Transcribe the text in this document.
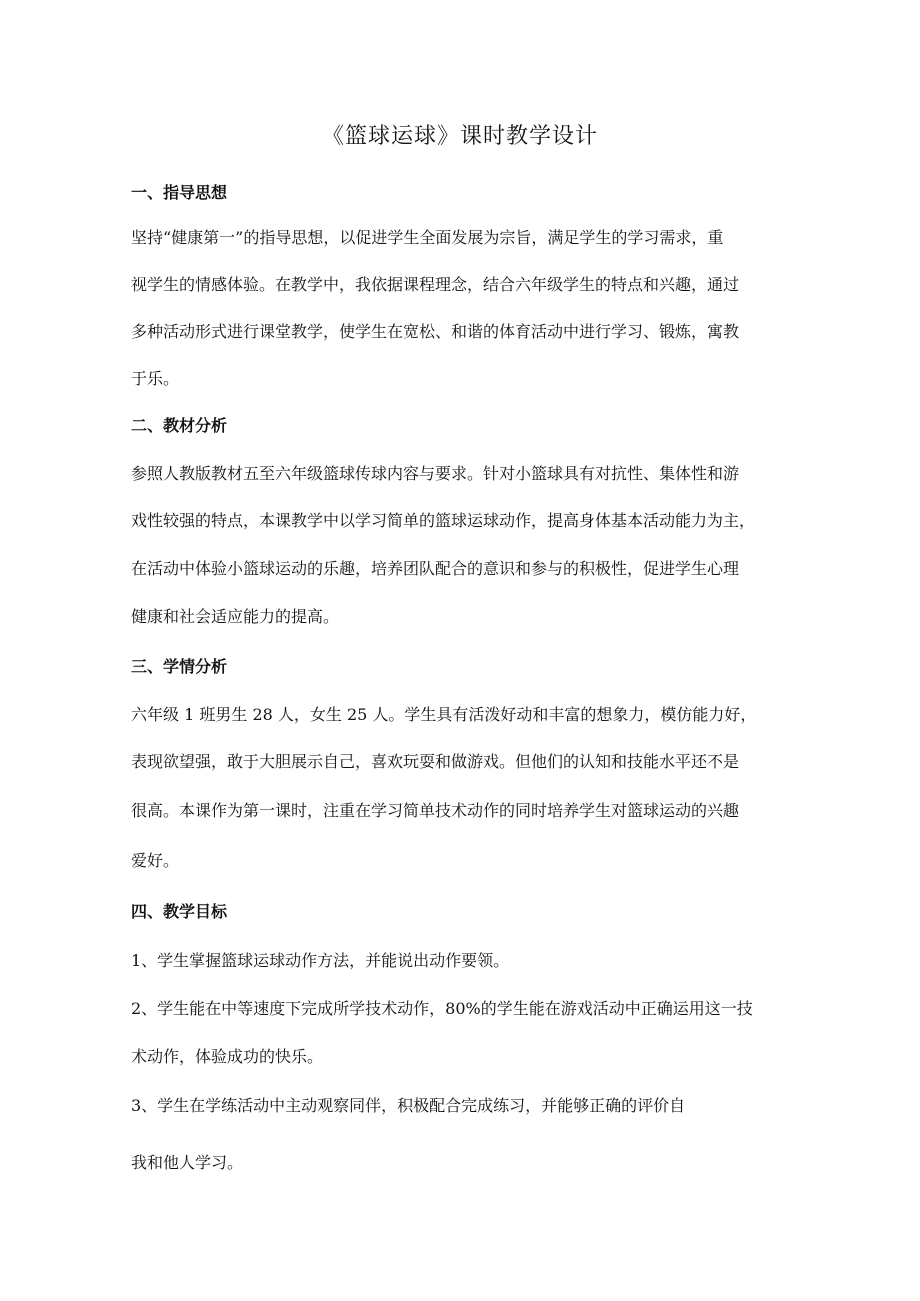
《篮球运球》课时教学设计
一、指导思想
坚持“健康第一”的指导思想，以促进学生全面发展为宗旨，满足学生的学习需求，重
视学生的情感体验。在教学中，我依据课程理念，结合六年级学生的特点和兴趣，通过
多种活动形式进行课堂教学，使学生在宽松、和谐的体育活动中进行学习、锻炼，寓教
于乐。
二、教材分析
参照人教版教材五至六年级篮球传球内容与要求。针对小篮球具有对抗性、集体性和游
戏性较强的特点，本课教学中以学习简单的篮球运球动作，提高身体基本活动能力为主，
在活动中体验小篮球运动的乐趣，培养团队配合的意识和参与的积极性，促进学生心理
健康和社会适应能力的提高。
三、学情分析
六年级 1 班男生 28 人，女生 25 人。学生具有活泼好动和丰富的想象力，模仿能力好，
表现欲望强，敢于大胆展示自己，喜欢玩耍和做游戏。但他们的认知和技能水平还不是
很高。本课作为第一课时，注重在学习简单技术动作的同时培养学生对篮球运动的兴趣
爱好。
四、教学目标
1、学生掌握篮球运球动作方法，并能说出动作要领。
2、学生能在中等速度下完成所学技术动作，80%的学生能在游戏活动中正确运用这一技
术动作，体验成功的快乐。
3、学生在学练活动中主动观察同伴，积极配合完成练习，并能够正确的评价自
我和他人学习。
